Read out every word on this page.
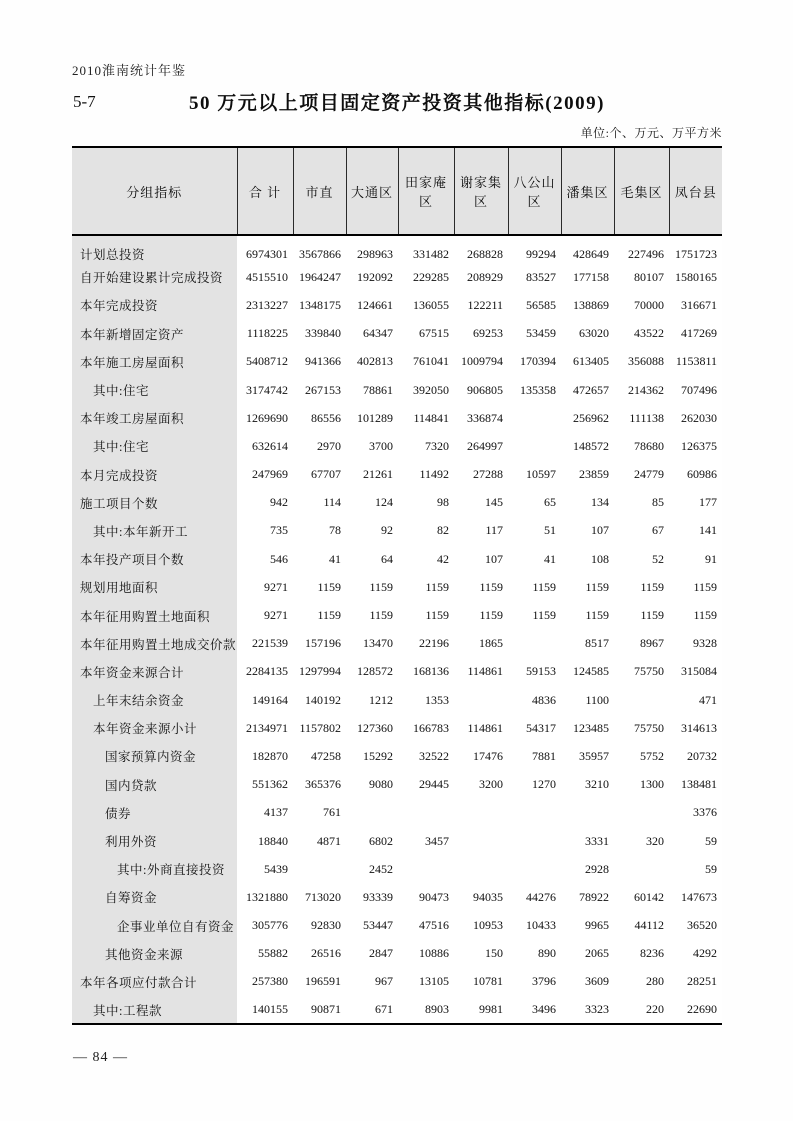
2010淮南统计年鉴
5-7	50 万元以上项目固定资产投资其他指标(2009)
单位:个、万元、万平方米
分组指标	合 计	市直	大通区	田家庵区	谢家集区	八公山区	潘集区	毛集区	凤台县
计划总投资	6974301	3567866	298963	331482	268828	99294	428649	227496	1751723
自开始建设累计完成投资	4515510	1964247	192092	229285	208929	83527	177158	80107	1580165
本年完成投资	2313227	1348175	124661	136055	122211	56585	138869	70000	316671
本年新增固定资产	1118225	339840	64347	67515	69253	53459	63020	43522	417269
本年施工房屋面积	5408712	941366	402813	761041	1009794	170394	613405	356088	1153811
其中:住宅	3174742	267153	78861	392050	906805	135358	472657	214362	707496
本年竣工房屋面积	1269690	86556	101289	114841	336874		256962	111138	262030
其中:住宅	632614	2970	3700	7320	264997		148572	78680	126375
本月完成投资	247969	67707	21261	11492	27288	10597	23859	24779	60986
施工项目个数	942	114	124	98	145	65	134	85	177
其中:本年新开工	735	78	92	82	117	51	107	67	141
本年投产项目个数	546	41	64	42	107	41	108	52	91
规划用地面积	9271	1159	1159	1159	1159	1159	1159	1159	1159
本年征用购置土地面积	9271	1159	1159	1159	1159	1159	1159	1159	1159
本年征用购置土地成交价款	221539	157196	13470	22196	1865		8517	8967	9328
本年资金来源合计	2284135	1297994	128572	168136	114861	59153	124585	75750	315084
上年末结余资金	149164	140192	1212	1353		4836	1100		471
本年资金来源小计	2134971	1157802	127360	166783	114861	54317	123485	75750	314613
国家预算内资金	182870	47258	15292	32522	17476	7881	35957	5752	20732
国内贷款	551362	365376	9080	29445	3200	1270	3210	1300	138481
债券	4137	761							3376
利用外资	18840	4871	6802	3457			3331	320	59
其中:外商直接投资	5439		2452				2928		59
自筹资金	1321880	713020	93339	90473	94035	44276	78922	60142	147673
企事业单位自有资金	305776	92830	53447	47516	10953	10433	9965	44112	36520
其他资金来源	55882	26516	2847	10886	150	890	2065	8236	4292
本年各项应付款合计	257380	196591	967	13105	10781	3796	3609	280	28251
其中:工程款	140155	90871	671	8903	9981	3496	3323	220	22690
— 84 —
